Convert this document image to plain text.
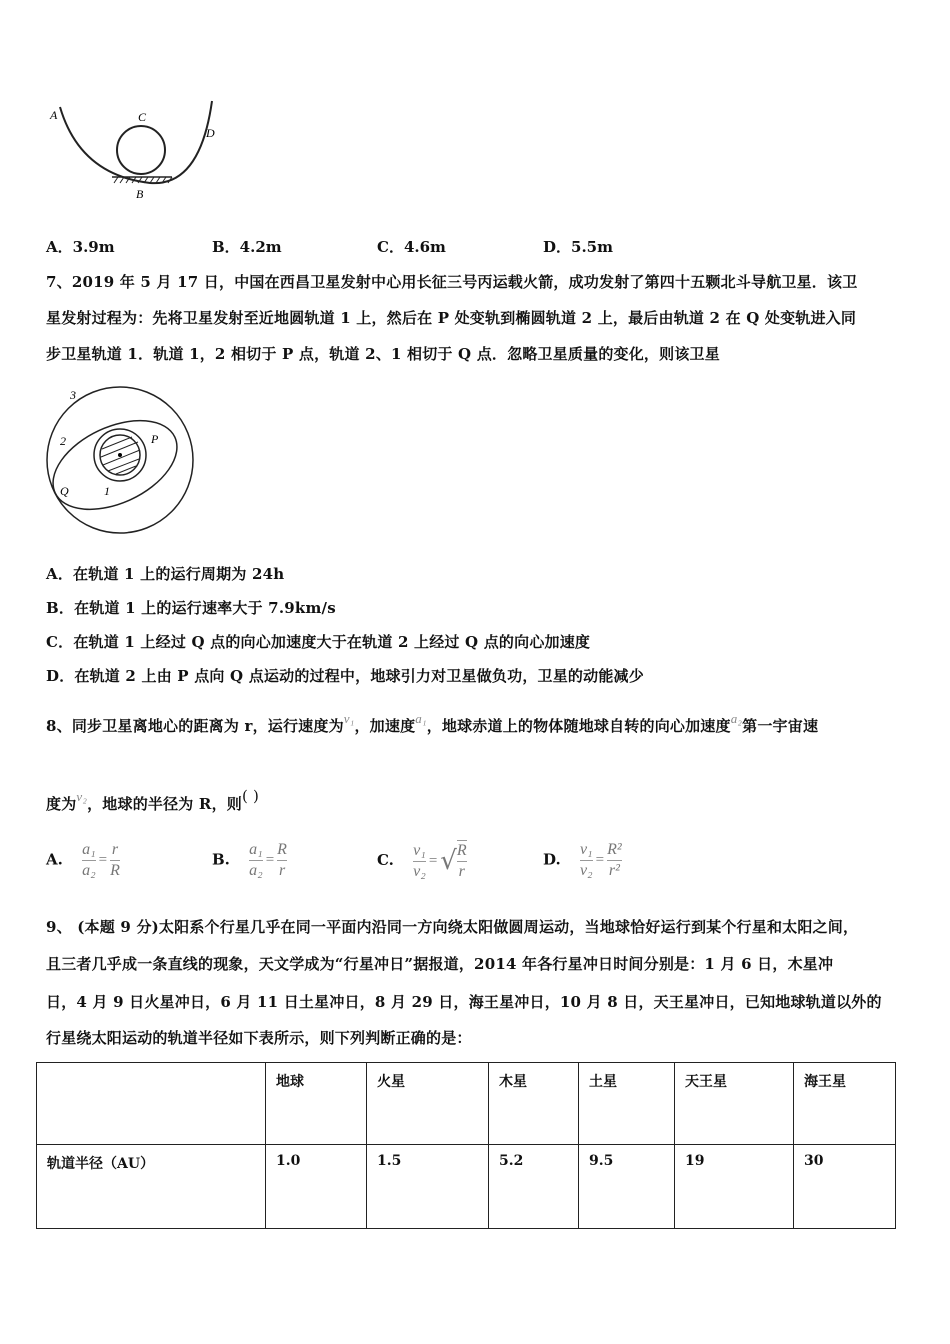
A
B
C
D
A．3.9m	B．4.2m	C．4.6m	D．5.5m
7、2019 年 5 月 17 日，中国在西昌卫星发射中心用长征三号丙运载火箭，成功发射了第四十五颗北斗导航卫星．该卫
星发射过程为：先将卫星发射至近地圆轨道 1 上，然后在 P 处变轨到椭圆轨道 2 上，最后由轨道 2 在 Q 处变轨进入同
步卫星轨道 1．轨道 1，2 相切于 P 点，轨道 2、1 相切于 Q 点．忽略卫星质量的变化，则该卫星
3
2
1
P
Q
A．在轨道 1 上的运行周期为 24h
B．在轨道 1 上的运行速率大于 7.9km/s
C．在轨道 1 上经过 Q 点的向心加速度大于在轨道 2 上经过 Q 点的向心加速度
D．在轨道 2 上由 P 点向 Q 点运动的过程中，地球引力对卫星做负功，卫星的动能减少
8、同步卫星离地心的距离为 r，运行速度为v₁，加速度a₁，地球赤道上的物体随地球自转的向心加速度a₂第一宇宙速
度为v₂，地球的半径为 R，则( )
A. $\frac{\text{a₁}}{\text{a₂}} = \frac{r}{R}$	B. $\frac{\text{a₁}}{\text{a₂}} = \frac{R}{r}$	C. $\frac{\text{v₁}}{\text{v₂}}$ = √ $\frac{R}{r}$	D. $\frac{\text{v₁}}{\text{v₂}} = \frac{\text{R²}}{\text{r²}}$
9、 (本题 9 分)太阳系个行星几乎在同一平面内沿同一方向绕太阳做圆周运动，当地球恰好运行到某个行星和太阳之间，
且三者几乎成一条直线的现象，天文学成为“行星冲日”据报道，2014 年各行星冲日时间分别是：1 月 6 日，木星冲
日，4 月 9 日火星冲日，6 月 11 日土星冲日，8 月 29 日，海王星冲日，10 月 8 日，天王星冲日，已知地球轨道以外的
行星绕太阳运动的轨道半径如下表所示，则下列判断正确的是：
	地球	火星	木星	土星	天王星	海王星
轨道半径（AU）	1.0	1.5	5.2	9.5	19	30
